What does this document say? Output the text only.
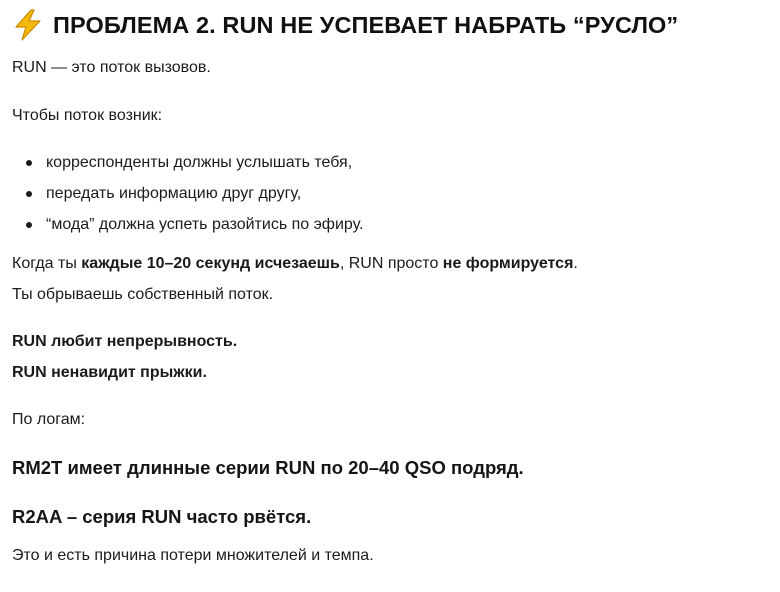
ПРОБЛЕМА 2. RUN НЕ УСПЕВАЕТ НАБРАТЬ “РУСЛО”
RUN — это поток вызовов.
Чтобы поток возник:
корреспонденты должны услышать тебя,
передать информацию друг другу,
“мода” должна успеть разойтись по эфиру.
Когда ты каждые 10–20 секунд исчезаешь, RUN просто не формируется.
Ты обрываешь собственный поток.
RUN любит непрерывность.
RUN ненавидит прыжки.
По логам:
RM2T имеет длинные серии RUN по 20–40 QSO подряд.
R2AA – серия RUN часто рвётся.
Это и есть причина потери множителей и темпа.
